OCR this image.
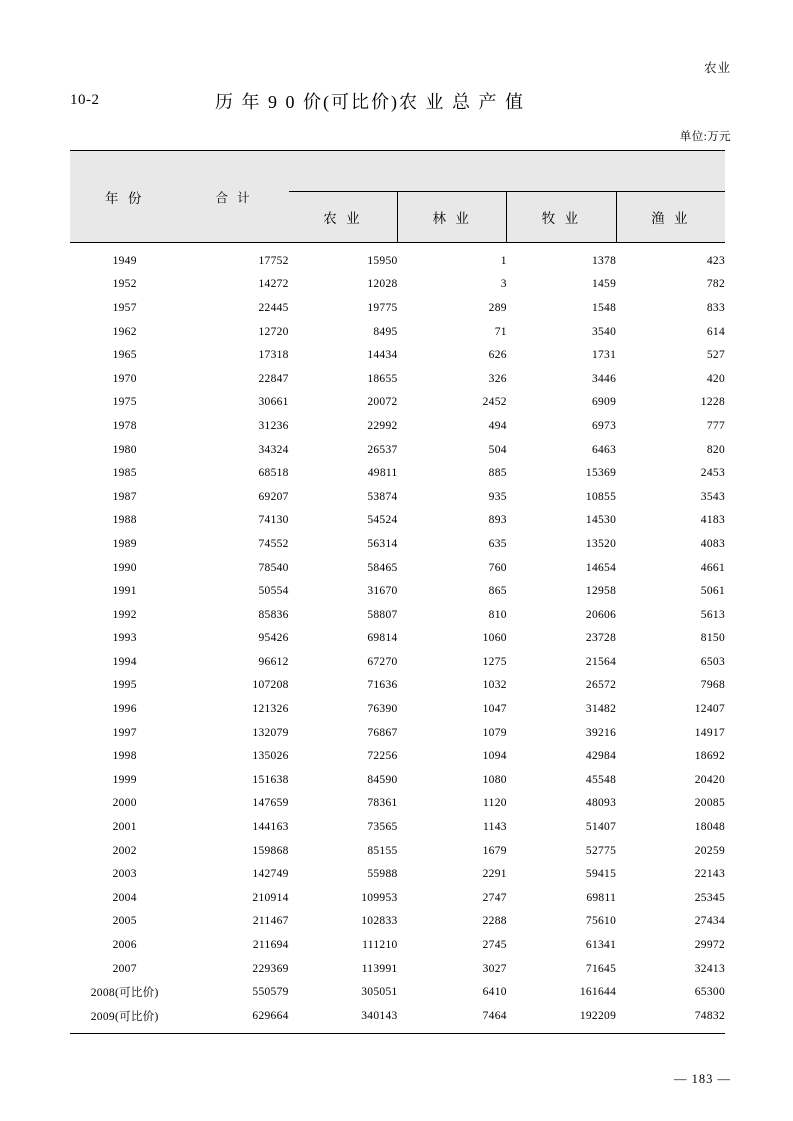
农业
10-2	历 年 9 0 价(可比价)农 业 总 产 值
单位:万元
年 份	合 计				
		农 业	林 业	牧 业	渔 业
1949	17752	15950	1	1378	423
1952	14272	12028	3	1459	782
1957	22445	19775	289	1548	833
1962	12720	8495	71	3540	614
1965	17318	14434	626	1731	527
1970	22847	18655	326	3446	420
1975	30661	20072	2452	6909	1228
1978	31236	22992	494	6973	777
1980	34324	26537	504	6463	820
1985	68518	49811	885	15369	2453
1987	69207	53874	935	10855	3543
1988	74130	54524	893	14530	4183
1989	74552	56314	635	13520	4083
1990	78540	58465	760	14654	4661
1991	50554	31670	865	12958	5061
1992	85836	58807	810	20606	5613
1993	95426	69814	1060	23728	8150
1994	96612	67270	1275	21564	6503
1995	107208	71636	1032	26572	7968
1996	121326	76390	1047	31482	12407
1997	132079	76867	1079	39216	14917
1998	135026	72256	1094	42984	18692
1999	151638	84590	1080	45548	20420
2000	147659	78361	1120	48093	20085
2001	144163	73565	1143	51407	18048
2002	159868	85155	1679	52775	20259
2003	142749	55988	2291	59415	22143
2004	210914	109953	2747	69811	25345
2005	211467	102833	2288	75610	27434
2006	211694	111210	2745	61341	29972
2007	229369	113991	3027	71645	32413
2008(可比价)	550579	305051	6410	161644	65300
2009(可比价)	629664	340143	7464	192209	74832
— 183 —
